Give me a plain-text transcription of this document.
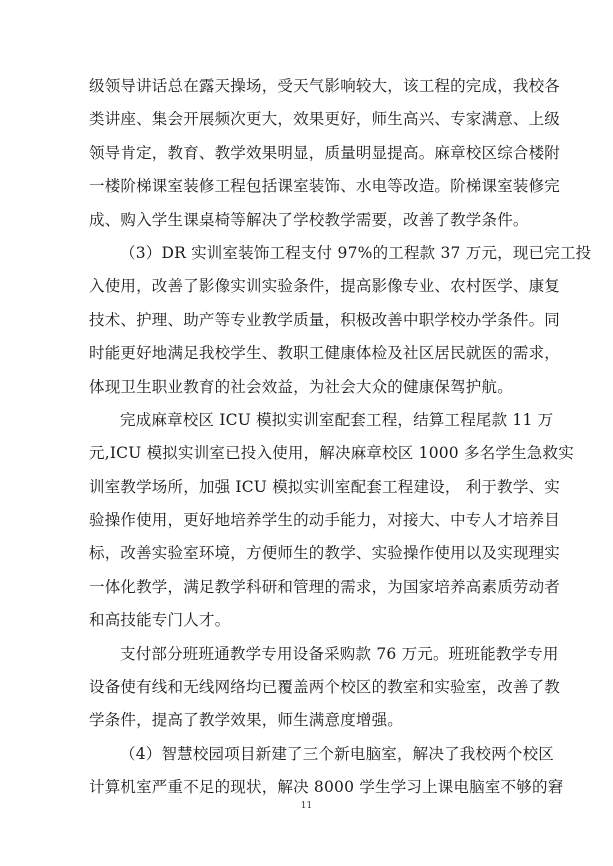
级领导讲话总在露天操场，受天气影响较大，该工程的完成，我校各
类讲座、集会开展频次更大，效果更好，师生高兴、专家满意、上级
领导肯定，教育、教学效果明显，质量明显提高。麻章校区综合楼附
一楼阶梯课室装修工程包括课室装饰、水电等改造。阶梯课室装修完
成、购入学生课桌椅等解决了学校教学需要，改善了教学条件。
（3）DR 实训室装饰工程支付 97%的工程款 37 万元，现已完工投
入使用，改善了影像实训实验条件，提高影像专业、农村医学、康复
技术、护理、助产等专业教学质量，积极改善中职学校办学条件。同
时能更好地满足我校学生、教职工健康体检及社区居民就医的需求，
体现卫生职业教育的社会效益，为社会大众的健康保驾护航。
完成麻章校区 ICU 模拟实训室配套工程，结算工程尾款 11 万
元,ICU 模拟实训室已投入使用，解决麻章校区 1000 多名学生急救实
训室教学场所，加强 ICU 模拟实训室配套工程建设， 利于教学、实
验操作使用，更好地培养学生的动手能力，对接大、中专人才培养目
标，改善实验室环境，方便师生的教学、实验操作使用以及实现理实
一体化教学，满足教学科研和管理的需求，为国家培养高素质劳动者
和高技能专门人才。
支付部分班班通教学专用设备采购款 76 万元。班班能教学专用
设备使有线和无线网络均已覆盖两个校区的教室和实验室，改善了教
学条件，提高了教学效果，师生满意度增强。
（4）智慧校园项目新建了三个新电脑室，解决了我校两个校区
计算机室严重不足的现状，解决 8000 学生学习上课电脑室不够的窘
11
